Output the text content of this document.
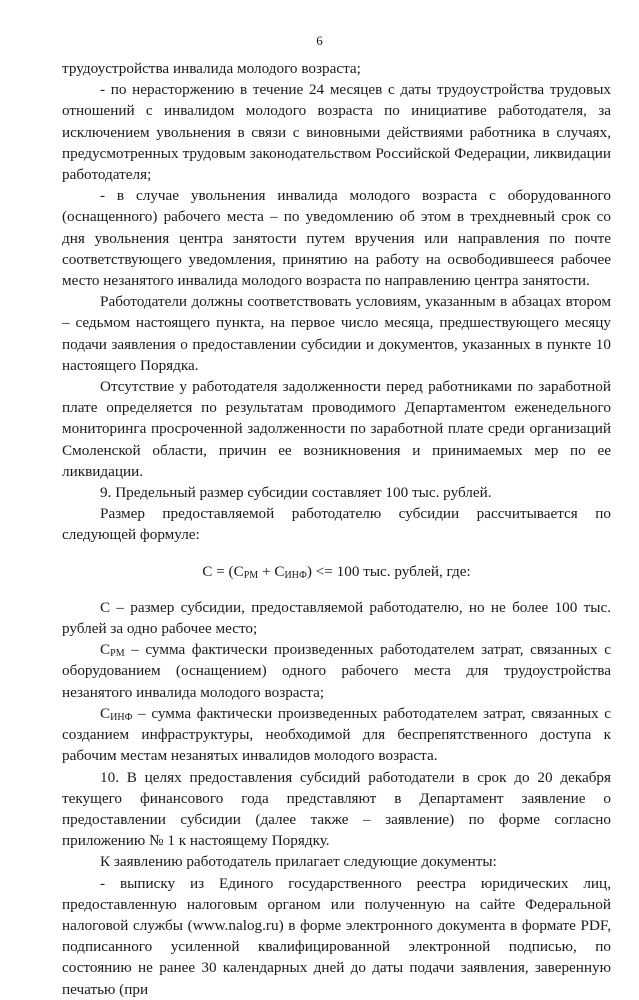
6

трудоустройства инвалида молодого возраста;

- по нерасторжению в течение 24 месяцев с даты трудоустройства трудовых отношений с инвалидом молодого возраста по инициативе работодателя, за исключением увольнения в связи с виновными действиями работника в случаях, предусмотренных трудовым законодательством Российской Федерации, ликвидации работодателя;

- в случае увольнения инвалида молодого возраста с оборудованного (оснащенного) рабочего места – по уведомлению об этом в трехдневный срок со дня увольнения центра занятости путем вручения или направления по почте соответствующего уведомления, принятию на работу на освободившееся рабочее место незанятого инвалида молодого возраста по направлению центра занятости.

Работодатели должны соответствовать условиям, указанным в абзацах втором – седьмом настоящего пункта, на первое число месяца, предшествующего месяцу подачи заявления о предоставлении субсидии и документов, указанных в пункте 10 настоящего Порядка.

Отсутствие у работодателя задолженности перед работниками по заработной плате определяется по результатам проводимого Департаментом еженедельного мониторинга просроченной задолженности по заработной плате среди организаций Смоленской области, причин ее возникновения и принимаемых мер по ее ликвидации.

9. Предельный размер субсидии составляет 100 тыс. рублей.

Размер предоставляемой работодателю субсидии рассчитывается по следующей формуле:

$С = (С_{РМ} + С_{ИНФ}) <= 100$ тыс. рублей, где:

С – размер субсидии, предоставляемой работодателю, но не более 100 тыс. рублей за одно рабочее место;

$С_{РМ}$ – сумма фактически произведенных работодателем затрат, связанных с оборудованием (оснащением) одного рабочего места для трудоустройства незанятого инвалида молодого возраста;

$С_{ИНФ}$ – сумма фактически произведенных работодателем затрат, связанных с созданием инфраструктуры, необходимой для беспрепятственного доступа к рабочим местам незанятых инвалидов молодого возраста.

10. В целях предоставления субсидий работодатели в срок до 20 декабря текущего финансового года представляют в Департамент заявление о предоставлении субсидии (далее также – заявление) по форме согласно приложению № 1 к настоящему Порядку.

К заявлению работодатель прилагает следующие документы:

- выписку из Единого государственного реестра юридических лиц, предоставленную налоговым органом или полученную на сайте Федеральной налоговой службы (www.nalog.ru) в форме электронного документа в формате PDF, подписанного усиленной квалифицированной электронной подписью, по состоянию не ранее 30 календарных дней до даты подачи заявления, заверенную печатью (при
